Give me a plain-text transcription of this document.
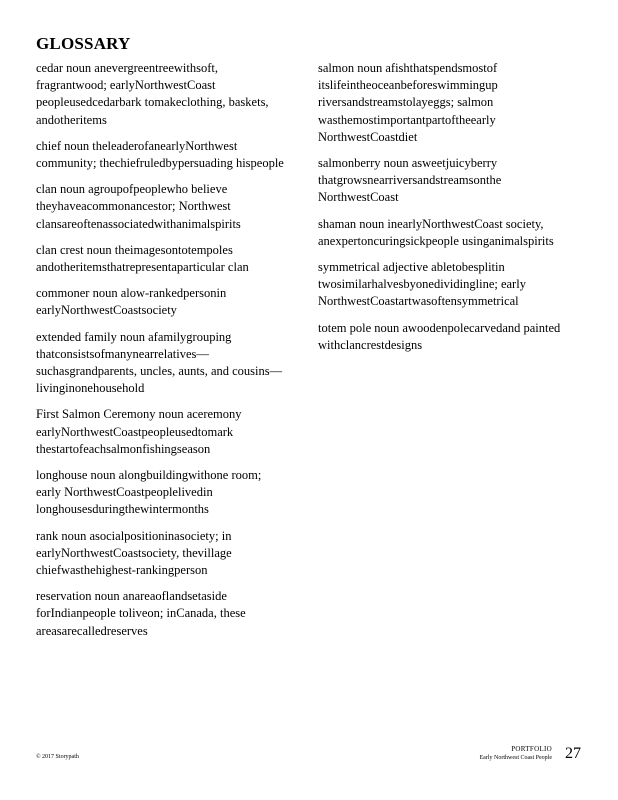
GLOSSARY

cedar noun anevergreentreewithsoft, fragrantwood; earlyNorthwestCoast peopleusedcedarbark tomakeclothing, baskets, andotheritems

chief noun theleaderofanearlyNorthwest community; thechiefruledbypersuading hispeople

clan noun agroupofpeoplewho believe theyhaveacommonancestor; Northwest clansareoftenassociatedwithanimalspirits

clan crest noun theimagesontotempoles andotheritemsthatrepresentaparticular clan

commoner noun alow-rankedpersonin earlyNorthwestCoastsociety

extended family noun afamilygrouping thatconsistsofmanynearrelatives—suchasgrandparents, uncles, aunts, and cousins—livinginonehousehold

First Salmon Ceremony noun aceremony earlyNorthwestCoastpeopleusedtomark thestartofeachsalmonfishingseason

longhouse noun alongbuildingwithone room; early NorthwestCoastpeoplelivedin longhousesduringthewintermonths

rank noun asocialpositioninasociety; in earlyNorthwestCoastsociety, thevillage chiefwasthehighest-rankingperson

reservation noun anareaoflandsetaside forIndianpeople toliveon; inCanada, these areasarecalledreserves

salmon noun afishthatspendsmostof itslifeintheoceanbeforeswimmingup riversandstreamstolayeggs; salmon wasthemostimportantpartoftheearly NorthwestCoastdiet

salmonberry noun asweetjuicyberry thatgrowsnearriversandstreamsonthe NorthwestCoast

shaman noun inearlyNorthwestCoast society, anexpertoncuringsickpeople usinganimalspirits

symmetrical adjective abletobesplitin twosimilarhalvesbyonedividingline; early NorthwestCoastartwasoftensymmetrical

totem pole noun awoodenpolecarvedand painted withclancrestdesigns

© 2017 Storypath
PORTFOLIO
Early Northwest Coast People 27
